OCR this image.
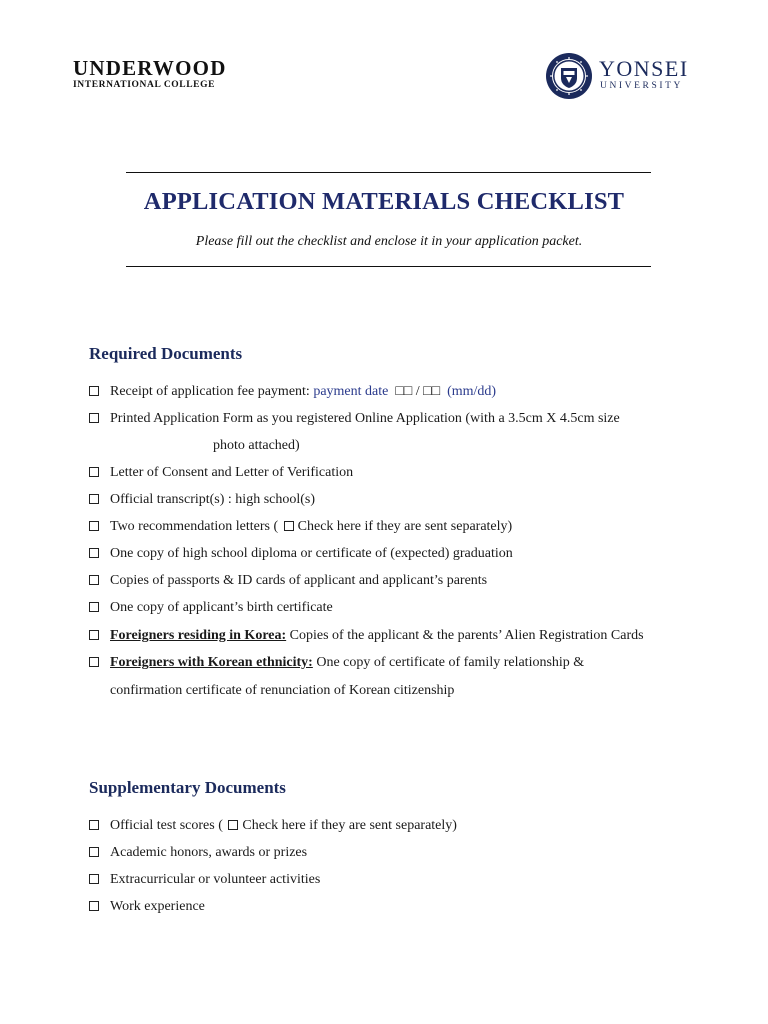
UNDERWOOD
INTERNATIONAL COLLEGE
YONSEI
UNIVERSITY
APPLICATION MATERIALS CHECKLIST
Please fill out the checklist and enclose it in your application packet.
Required Documents
Receipt of application fee payment: payment date □□ / □□ (mm/dd)
Printed Application Form as you registered Online Application (with a 3.5cm X 4.5cm size
photo attached)
Letter of Consent and Letter of Verification
Official transcript(s) : high school(s)
Two recommendation letters ( Check here if they are sent separately)
One copy of high school diploma or certificate of (expected) graduation
Copies of passports & ID cards of applicant and applicant’s parents
One copy of applicant’s birth certificate
Foreigners residing in Korea: Copies of the applicant & the parents’ Alien Registration Cards
Foreigners with Korean ethnicity: One copy of certificate of family relationship &
confirmation certificate of renunciation of Korean citizenship
Supplementary Documents
Official test scores ( Check here if they are sent separately)
Academic honors, awards or prizes
Extracurricular or volunteer activities
Work experience
